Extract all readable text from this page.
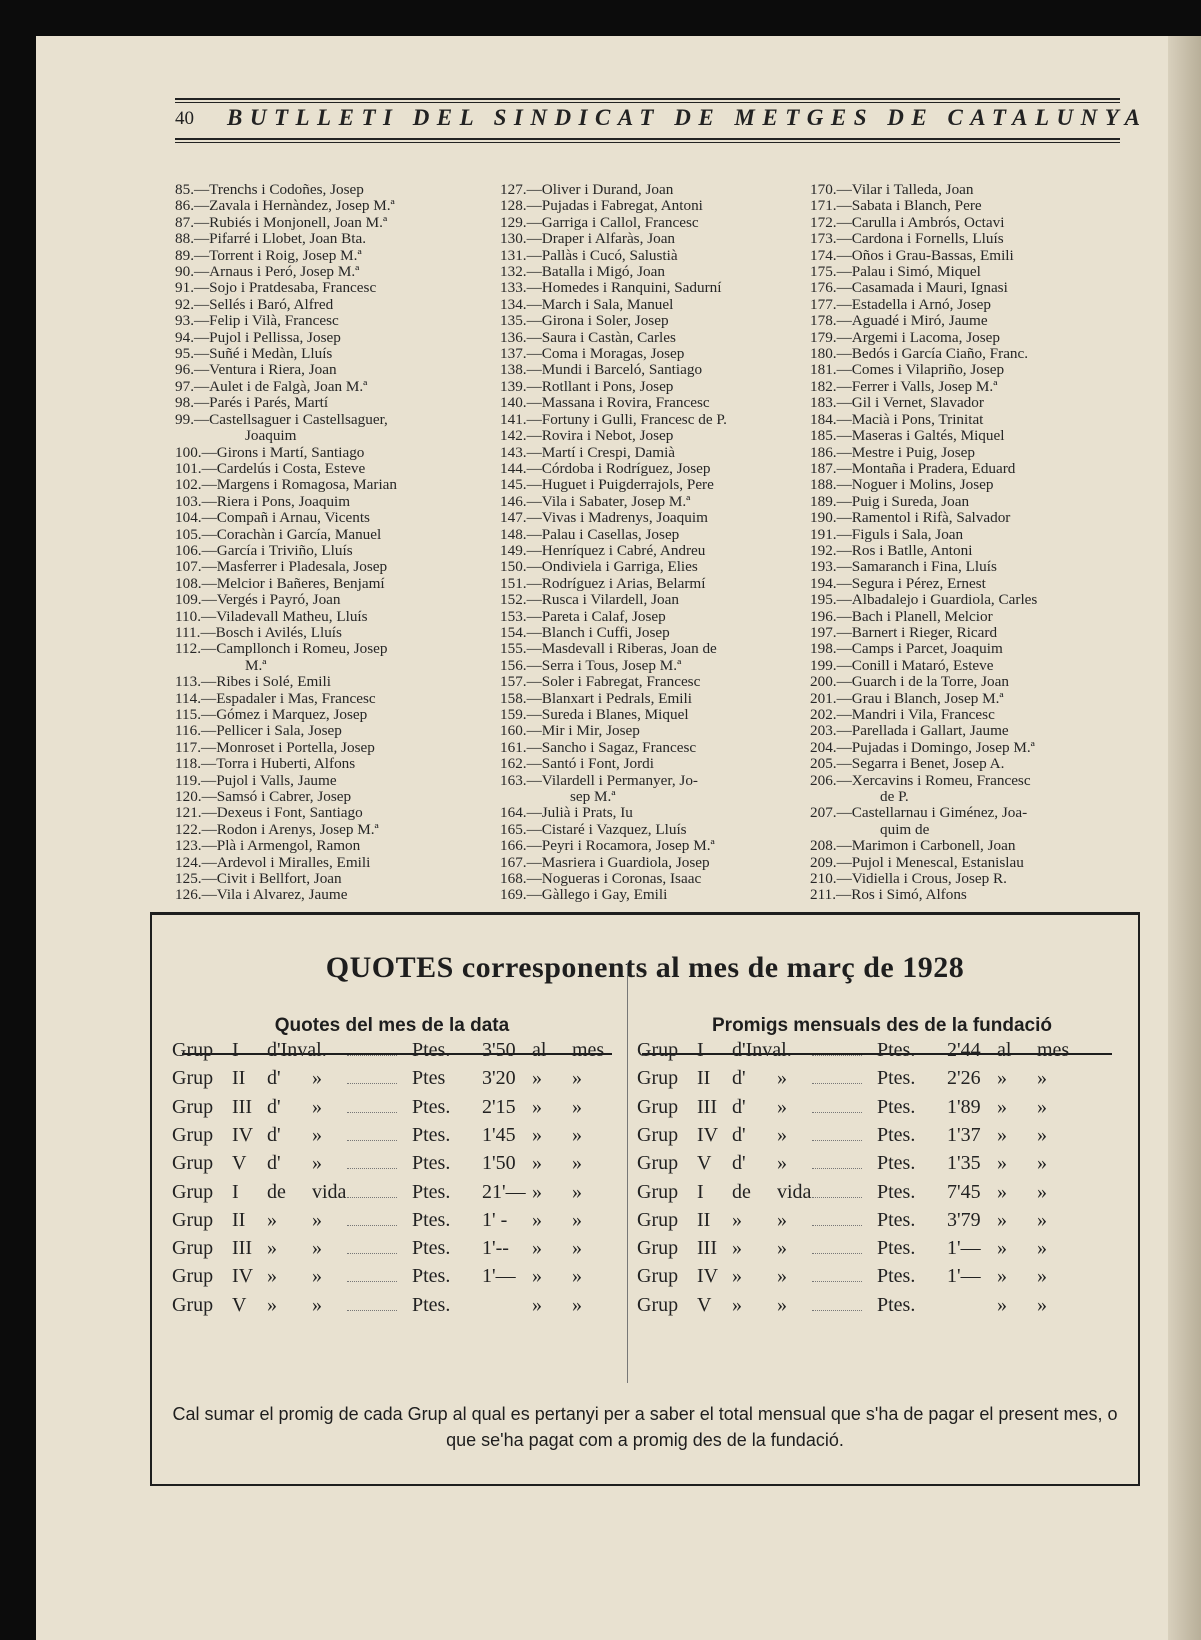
40 BUTLLETI DEL SINDICAT DE METGES DE CATALUNYA
85.—Trenchs i Codoñes, Josep
86.—Zavala i Hernàndez, Josep M.ª
87.—Rubiés i Monjonell, Joan M.ª
88.—Pifarré i Llobet, Joan Bta.
89.—Torrent i Roig, Josep M.ª
90.—Arnaus i Peró, Josep M.ª
91.—Sojo i Pratdesaba, Francesc
92.—Sellés i Baró, Alfred
93.—Felip i Vilà, Francesc
94.—Pujol i Pellissa, Josep
95.—Suñé i Medàn, Lluís
96.—Ventura i Riera, Joan
97.—Aulet i de Falgà, Joan M.ª
98.—Parés i Parés, Martí
99.—Castellsaguer i Castellsaguer,
Joaquim
100.—Girons i Martí, Santiago
101.—Cardelús i Costa, Esteve
102.—Margens i Romagosa, Marian
103.—Riera i Pons, Joaquim
104.—Compañ i Arnau, Vicents
105.—Corachàn i García, Manuel
106.—García i Triviño, Lluís
107.—Masferrer i Pladesala, Josep
108.—Melcior i Bañeres, Benjamí
109.—Vergés i Payró, Joan
110.—Viladevall Matheu, Lluís
111.—Bosch i Avilés, Lluís
112.—Campllonch i Romeu, Josep
M.ª
113.—Ribes i Solé, Emili
114.—Espadaler i Mas, Francesc
115.—Gómez i Marquez, Josep
116.—Pellicer i Sala, Josep
117.—Monroset i Portella, Josep
118.—Torra i Huberti, Alfons
119.—Pujol i Valls, Jaume
120.—Samsó i Cabrer, Josep
121.—Dexeus i Font, Santiago
122.—Rodon i Arenys, Josep M.ª
123.—Plà i Armengol, Ramon
124.—Ardevol i Miralles, Emili
125.—Civit i Bellfort, Joan
126.—Vila i Alvarez, Jaume
127.—Oliver i Durand, Joan
128.—Pujadas i Fabregat, Antoni
129.—Garriga i Callol, Francesc
130.—Draper i Alfaràs, Joan
131.—Pallàs i Cucó, Salustià
132.—Batalla i Migó, Joan
133.—Homedes i Ranquini, Sadurní
134.—March i Sala, Manuel
135.—Girona i Soler, Josep
136.—Saura i Castàn, Carles
137.—Coma i Moragas, Josep
138.—Mundi i Barceló, Santiago
139.—Rotllant i Pons, Josep
140.—Massana i Rovira, Francesc
141.—Fortuny i Gulli, Francesc de P.
142.—Rovira i Nebot, Josep
143.—Martí i Crespi, Damià
144.—Córdoba i Rodríguez, Josep
145.—Huguet i Puigderrajols, Pere
146.—Vila i Sabater, Josep M.ª
147.—Vivas i Madrenys, Joaquim
148.—Palau i Casellas, Josep
149.—Henríquez i Cabré, Andreu
150.—Ondiviela i Garriga, Elies
151.—Rodríguez i Arias, Belarmí
152.—Rusca i Vilardell, Joan
153.—Pareta i Calaf, Josep
154.—Blanch i Cuffi, Josep
155.—Masdevall i Riberas, Joan de
156.—Serra i Tous, Josep M.ª
157.—Soler i Fabregat, Francesc
158.—Blanxart i Pedrals, Emili
159.—Sureda i Blanes, Miquel
160.—Mir i Mir, Josep
161.—Sancho i Sagaz, Francesc
162.—Santó i Font, Jordi
163.—Vilardell i Permanyer, Jo-
sep M.ª
164.—Julià i Prats, Iu
165.—Cistaré i Vazquez, Lluís
166.—Peyri i Rocamora, Josep M.ª
167.—Masriera i Guardiola, Josep
168.—Nogueras i Coronas, Isaac
169.—Gàllego i Gay, Emili
170.—Vilar i Talleda, Joan
171.—Sabata i Blanch, Pere
172.—Carulla i Ambrós, Octavi
173.—Cardona i Fornells, Lluís
174.—Oños i Grau-Bassas, Emili
175.—Palau i Simó, Miquel
176.—Casamada i Mauri, Ignasi
177.—Estadella i Arnó, Josep
178.—Aguadé i Miró, Jaume
179.—Argemi i Lacoma, Josep
180.—Bedós i García Ciaño, Franc.
181.—Comes i Vilapriño, Josep
182.—Ferrer i Valls, Josep M.ª
183.—Gil i Vernet, Slavador
184.—Macià i Pons, Trinitat
185.—Maseras i Galtés, Miquel
186.—Mestre i Puig, Josep
187.—Montaña i Pradera, Eduard
188.—Noguer i Molins, Josep
189.—Puig i Sureda, Joan
190.—Ramentol i Rifà, Salvador
191.—Figuls i Sala, Joan
192.—Ros i Batlle, Antoni
193.—Samaranch i Fina, Lluís
194.—Segura i Pérez, Ernest
195.—Albadalejo i Guardiola, Carles
196.—Bach i Planell, Melcior
197.—Barnert i Rieger, Ricard
198.—Camps i Parcet, Joaquim
199.—Conill i Mataró, Esteve
200.—Guarch i de la Torre, Joan
201.—Grau i Blanch, Josep M.ª
202.—Mandri i Vila, Francesc
203.—Parellada i Gallart, Jaume
204.—Pujadas i Domingo, Josep M.ª
205.—Segarra i Benet, Josep A.
206.—Xercavins i Romeu, Francesc
de P.
207.—Castellarnau i Giménez, Joa-
quim de
208.—Marimon i Carbonell, Joan
209.—Pujol i Menescal, Estanislau
210.—Vidiella i Crous, Josep R.
211.—Ros i Simó, Alfons
QUOTES corresponents al mes de març de 1928
Quotes del mes de la data	Promigs mensuals des de la fundació
Grup I d'Inval.	Ptes. 3'50 al mes
Grup II d' »	Ptes 3'20 » »
Grup III d' »	Ptes. 2'15 » »
Grup IV d' »	Ptes. 1'45 » »
Grup V d' »	Ptes. 1'50 » »
Grup I de vida	Ptes. 21'— » »
Grup II » »	Ptes. 1' - » »
Grup III » »	Ptes. 1'-- » »
Grup IV » »	Ptes. 1'— » »
Grup V » »	Ptes.	» »
Grup I d'Inval.	Ptes. 2'44 al mes
Grup II d' »	Ptes. 2'26 » »
Grup III d' »	Ptes. 1'89 » »
Grup IV d' »	Ptes. 1'37 » »
Grup V d' »	Ptes. 1'35 » »
Grup I de vida	Ptes. 7'45 » »
Grup II » »	Ptes. 3'79 » »
Grup III » »	Ptes. 1'— » »
Grup IV » »	Ptes. 1'— » »
Grup V » »	Ptes.	» »
Cal sumar el promig de cada Grup al qual es pertanyi per a saber el total mensual que s'ha de pagar el present mes, o que se'ha pagat com a promig des de la fundació.
